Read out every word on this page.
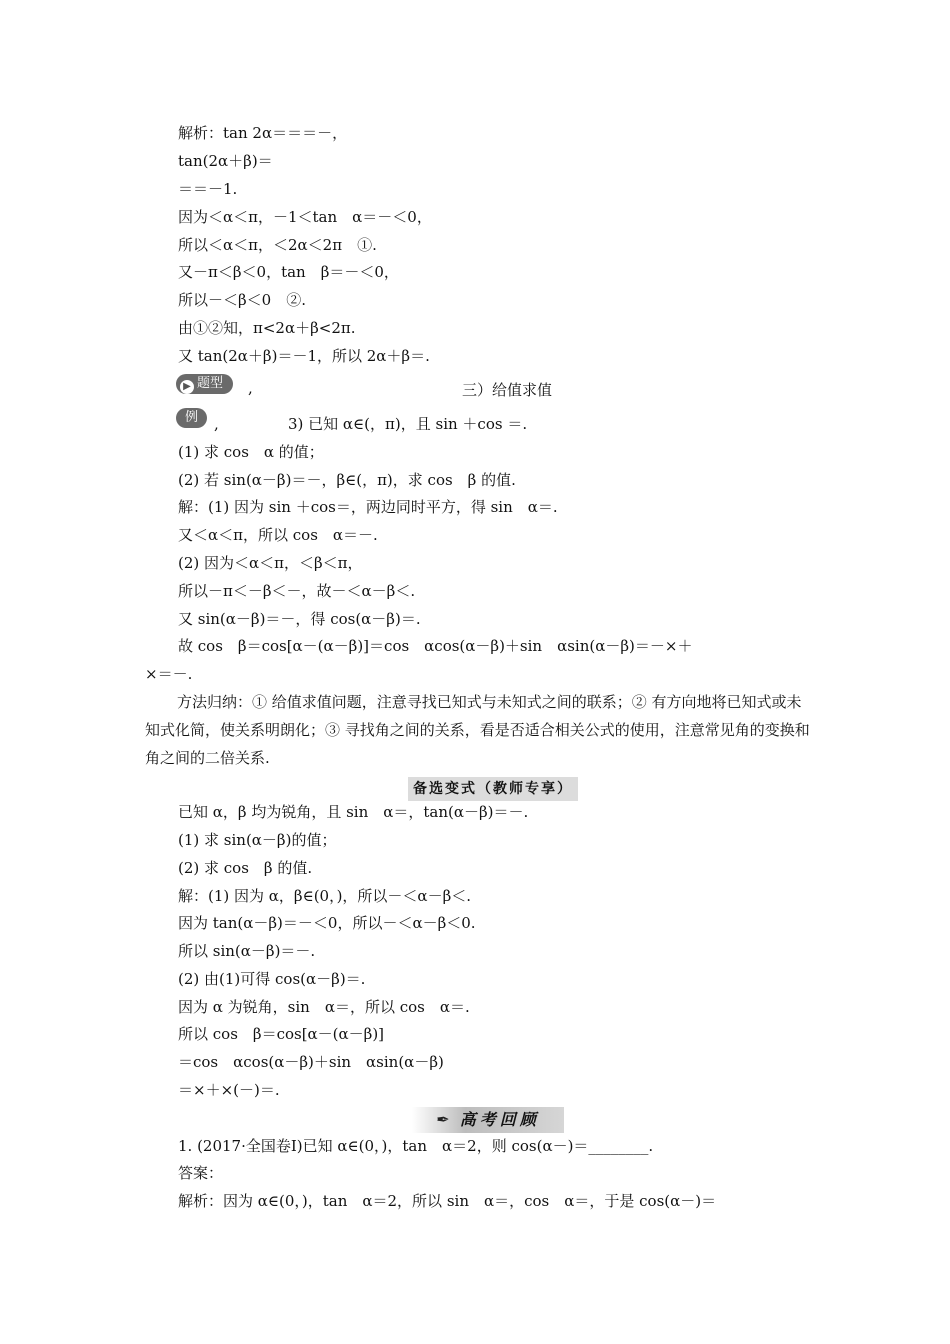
解析：tan 2α＝＝＝－，
tan(2α＋β)＝
＝＝－1.
因为＜α＜π，－1＜tan　α＝－＜0，
所以＜α＜π，＜2α＜2π　①.
又－π＜β＜0，tan　β＝－＜0，
所以－＜β＜0　②.
由①②知，π<2α＋β<2π.
又 tan(2α＋β)＝－1，所以 2α＋β＝.
▶ 题型	,	三）给值求值
例	,	3) 已知 α∈(，π)，且 sin ＋cos ＝.
(1) 求 cos　α 的值；
(2) 若 sin(α－β)＝－，β∈(，π)，求 cos　β 的值.
解：(1) 因为 sin ＋cos＝，两边同时平方，得 sin　α＝.
又＜α＜π，所以 cos　α＝－.
(2) 因为＜α＜π，＜β＜π，
所以－π＜－β＜－，故－＜α－β＜.
又 sin(α－β)＝－，得 cos(α－β)＝.
故 cos　β＝cos[α－(α－β)]＝cos　αcos(α－β)＋sin　αsin(α－β)＝－×＋
×＝－.
方法归纳：① 给值求值问题，注意寻找已知式与未知式之间的联系；② 有方向地将已知式或未知式化简，使关系明朗化；③ 寻找角之间的关系，看是否适合相关公式的使用，注意常见角的变换和角之间的二倍关系.
备选变式（教师专享）
已知 α，β 均为锐角，且 sin　α＝，tan(α－β)＝－.
(1) 求 sin(α－β)的值；
(2) 求 cos　β 的值.
解：(1) 因为 α，β∈(0，)，所以－＜α－β＜.
因为 tan(α－β)＝－＜0，所以－＜α－β＜0.
所以 sin(α－β)＝－.
(2) 由(1)可得 cos(α－β)＝.
因为 α 为锐角，sin　α＝，所以 cos　α＝.
所以 cos　β＝cos[α－(α－β)]
＝cos　αcos(α－β)＋sin　αsin(α－β)
＝×＋×(－)＝.
✒ 高考回顾
1. (2017·全国卷Ⅰ)已知 α∈(0，)，tan　α＝2，则 cos(α－)＝________.
答案：
解析：因为 α∈(0，)，tan　α＝2，所以 sin　α＝，cos　α＝，于是 cos(α－)＝
